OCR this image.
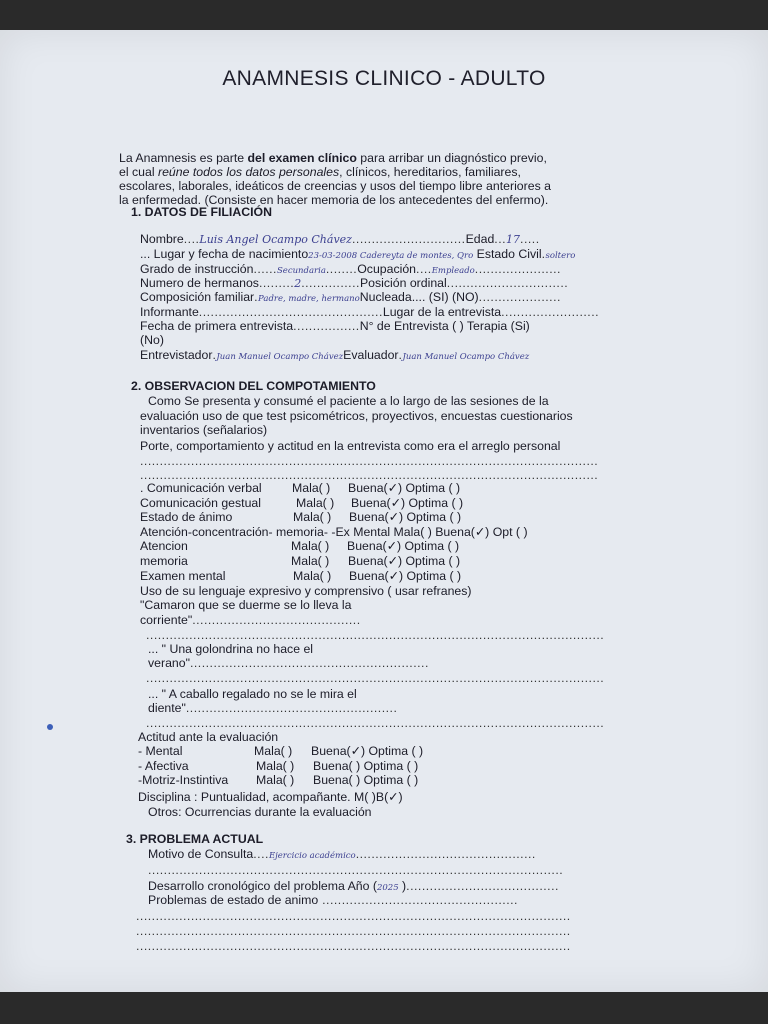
ANAMNESIS CLINICO - ADULTO
La Anamnesis es parte del examen clínico para arribar un diagnóstico previo,
el cual reúne todos los datos personales, clínicos, hereditarios, familiares,
escolares, laborales, ideáticos de creencias y usos del tiempo libre anteriores a
la enfermedad. (Consiste en hacer memoria de los antecedentes del enfermo).
1. DATOS DE FILIACIÓN
Nombre....Luis Angel Ocampo Chávez.............................Edad...17.....
... Lugar y fecha de nacimiento23-03-2008 Cadereyta de montes, Qro Estado Civil.soltero
Grado de instrucción......Secundaria........Ocupación....Empleado......................
Numero de hermanos.........2...............Posición ordinal...............................
Composición familiar.Padre, madre, hermanoNucleada.... (SI) (NO).....................
Informante...............................................Lugar de la entrevista.........................
Fecha de primera entrevista.................N° de Entrevista ( ) Terapia (Si)
(No)
Entrevistador.Juan Manuel Ocampo ChávezEvaluador.Juan Manuel Ocampo Chávez
2. OBSERVACION DEL COMPOTAMIENTO
Como Se presenta y consumé el paciente a lo largo de las sesiones de la
evaluación uso de que test psicométricos, proyectivos, encuestas cuestionarios
inventarios (señalarios)
Porte, comportamiento y actitud en la entrevista como era el arreglo personal
.....................................................................................................................
.....................................................................................................................
. Comunicación verbal	Mala( )	Buena(✓) Optima ( )
Comunicación gestual	Mala( )	Buena(✓) Optima ( )
Estado de ánimo	Mala( )	Buena(✓) Optima ( )
Atención-concentración- memoria- -Ex Mental Mala( ) Buena(✓) Opt ( )
Atencion	Mala( )	Buena(✓) Optima ( )
memoria	Mala( )	Buena(✓) Optima ( )
Examen mental	Mala( )	Buena(✓) Optima ( )
Uso de su lenguaje expresivo y comprensivo ( usar refranes)
"Camaron que se duerme se lo lleva la
corriente"...........................................
.....................................................................................................................
... " Una golondrina no hace el
verano".............................................................
.....................................................................................................................
... " A caballo regalado no se le mira el
diente"......................................................
.....................................................................................................................
Actitud ante la evaluación
- Mental	Mala( )	Buena(✓) Optima ( )
- Afectiva	Mala( )	Buena( ) Optima ( )
-Motriz-Instintiva	Mala( )	Buena( ) Optima ( )
Disciplina : Puntualidad, acompañante. M( )B(✓)
Otros: Ocurrencias durante la evaluación
3. PROBLEMA ACTUAL
Motivo de Consulta....Ejercicio académico..............................................
..........................................................................................................
Desarrollo cronológico del problema Año (2025 ).......................................
Problemas de estado de animo ..................................................
...............................................................................................................
...............................................................................................................
...............................................................................................................
